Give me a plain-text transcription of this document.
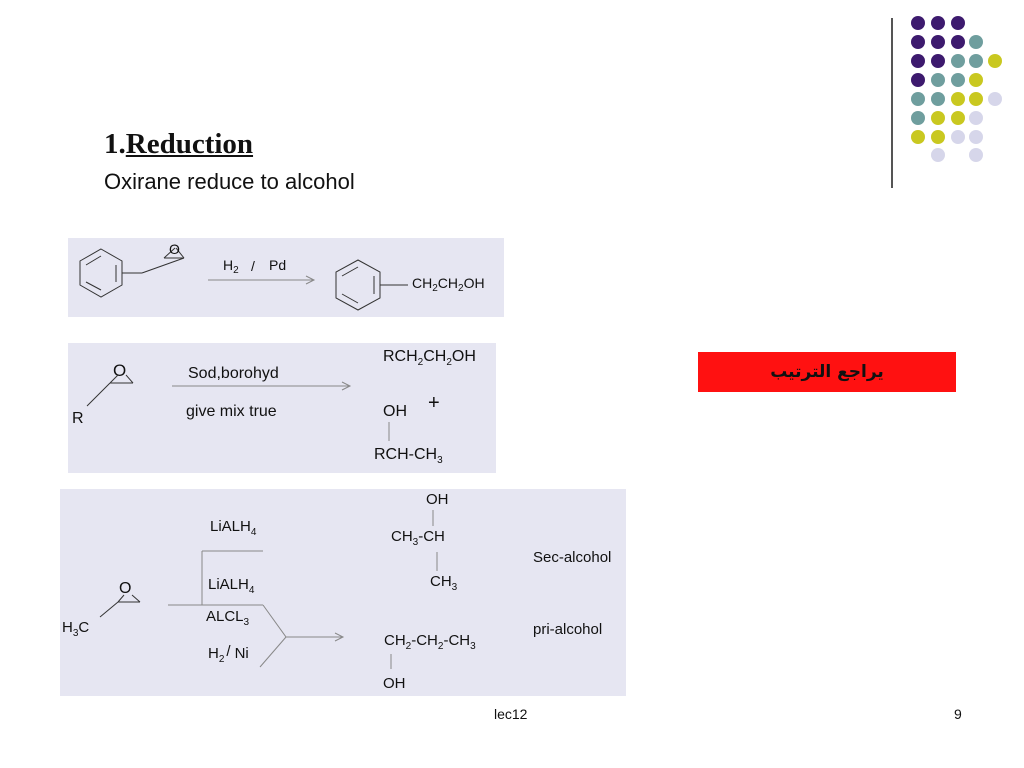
1.Reduction
Oxirane reduce to alcohol
O
$H_2$ / Pd
$CH_2CH_2OH$
O
R
Sod,borohyd
give mix true
$RCH_2CH_2OH$
+
OH
RCH-$CH_3$
يراجع الترتيب
LiALH$_4$
O
$H_3C$
LiALH$_4$
$ALCL_3$
$H_2$ / Ni
OH
$CH_3-CH$
$CH_3$
Sec-alcohol
$CH_2-CH_2-CH_3$
OH
pri-alcohol
lec12	9
